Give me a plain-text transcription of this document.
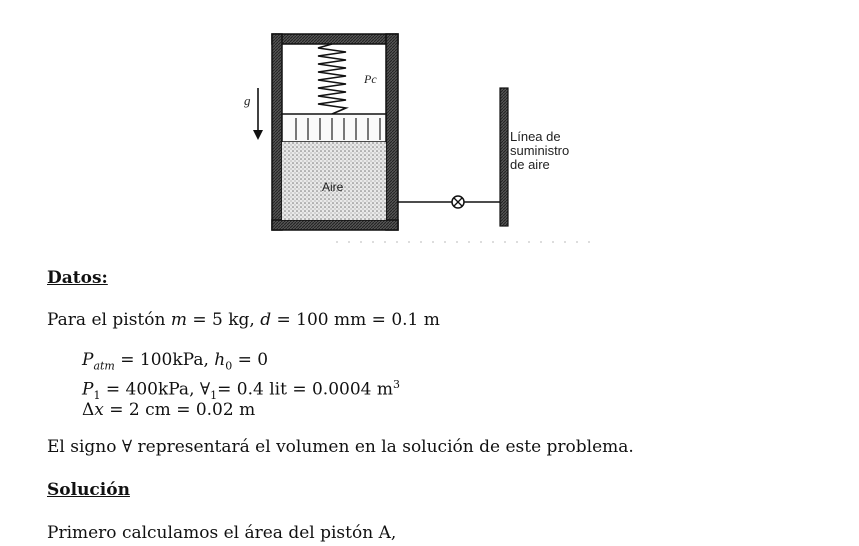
g
Pc
Aire
Línea de
suministro
de aire
Datos:
Para el pistón m = 5 kg, d = 100 mm = 0.1 m
$P_{atm} = 100kPa$, $h_0 = 0$
$P_1 = 400kPa$, $\forall_1= 0.4$ lit = 0.0004 $m^3$
Δx = 2 cm = 0.02 m
El signo ∀ representará el volumen en la solución de este problema.
Solución
Primero calculamos el área del pistón A,
